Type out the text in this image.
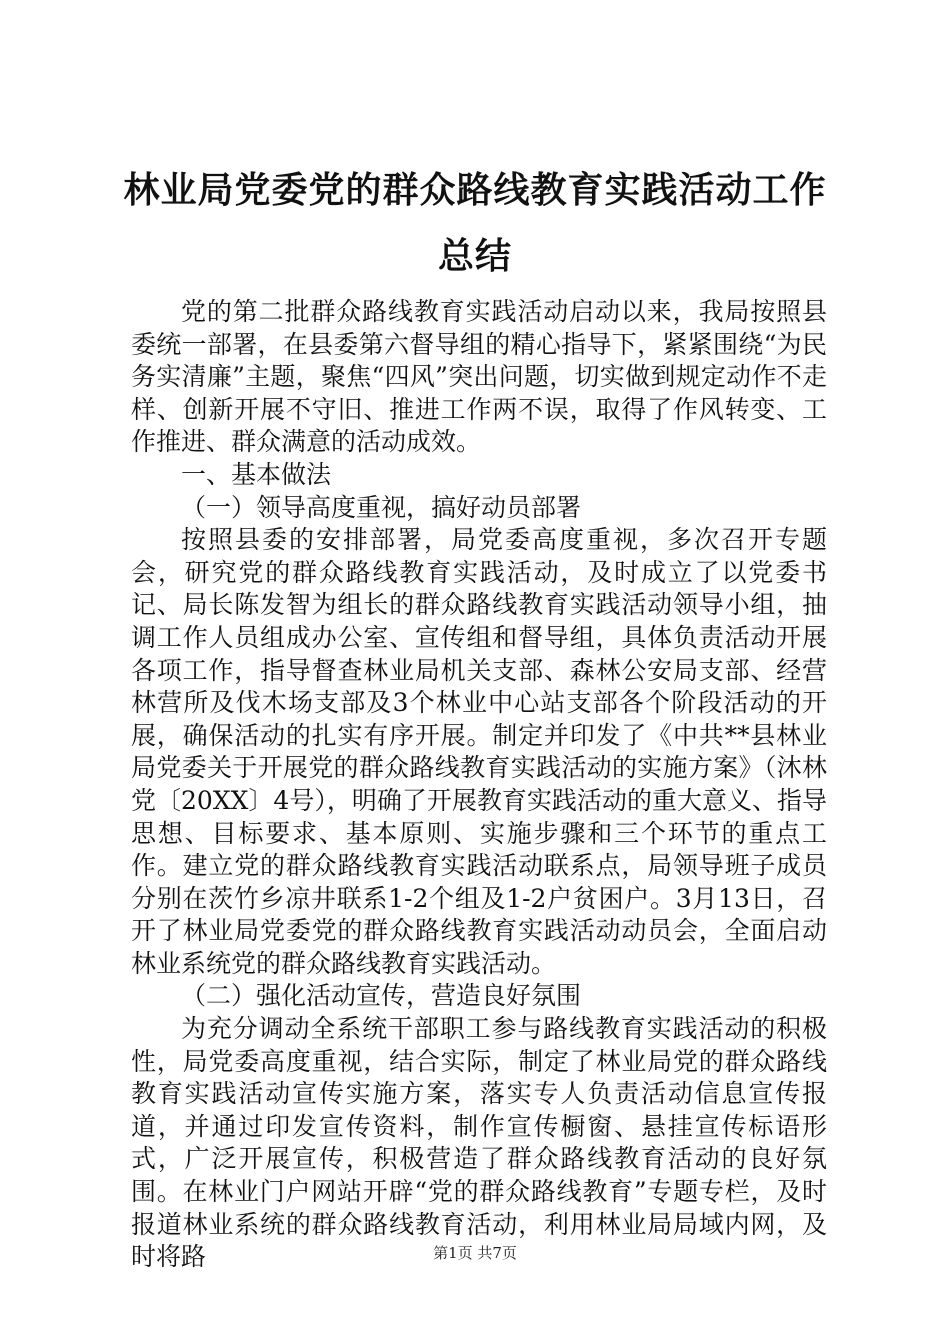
林业局党委党的群众路线教育实践活动工作总结

党的第二批群众路线教育实践活动启动以来，我局按照县委统一部署，在县委第六督导组的精心指导下，紧紧围绕“为民务实清廉”主题，聚焦“四风”突出问题，切实做到规定动作不走样、创新开展不守旧、推进工作两不误，取得了作风转变、工作推进、群众满意的活动成效。

一、基本做法

（一）领导高度重视，搞好动员部署

按照县委的安排部署，局党委高度重视，多次召开专题会，研究党的群众路线教育实践活动，及时成立了以党委书记、局长陈发智为组长的群众路线教育实践活动领导小组，抽调工作人员组成办公室、宣传组和督导组，具体负责活动开展各项工作，指导督查林业局机关支部、森林公安局支部、经营林营所及伐木场支部及3个林业中心站支部各个阶段活动的开展，确保活动的扎实有序开展。制定并印发了《中共**县林业局党委关于开展党的群众路线教育实践活动的实施方案》（沐林党〔20XX〕4号），明确了开展教育实践活动的重大意义、指导思想、目标要求、基本原则、实施步骤和三个环节的重点工作。建立党的群众路线教育实践活动联系点，局领导班子成员分别在茨竹乡凉井联系1-2个组及1-2户贫困户。3月13日，召开了林业局党委党的群众路线教育实践活动动员会，全面启动林业系统党的群众路线教育实践活动。

（二）强化活动宣传，营造良好氛围

为充分调动全系统干部职工参与路线教育实践活动的积极性，局党委高度重视，结合实际，制定了林业局党的群众路线教育实践活动宣传实施方案，落实专人负责活动信息宣传报道，并通过印发宣传资料，制作宣传橱窗、悬挂宣传标语形式，广泛开展宣传，积极营造了群众路线教育活动的良好氛围。在林业门户网站开辟“党的群众路线教育”专题专栏，及时报道林业系统的群众路线教育活动，利用林业局局域内网，及时将路	第1页 共7页
